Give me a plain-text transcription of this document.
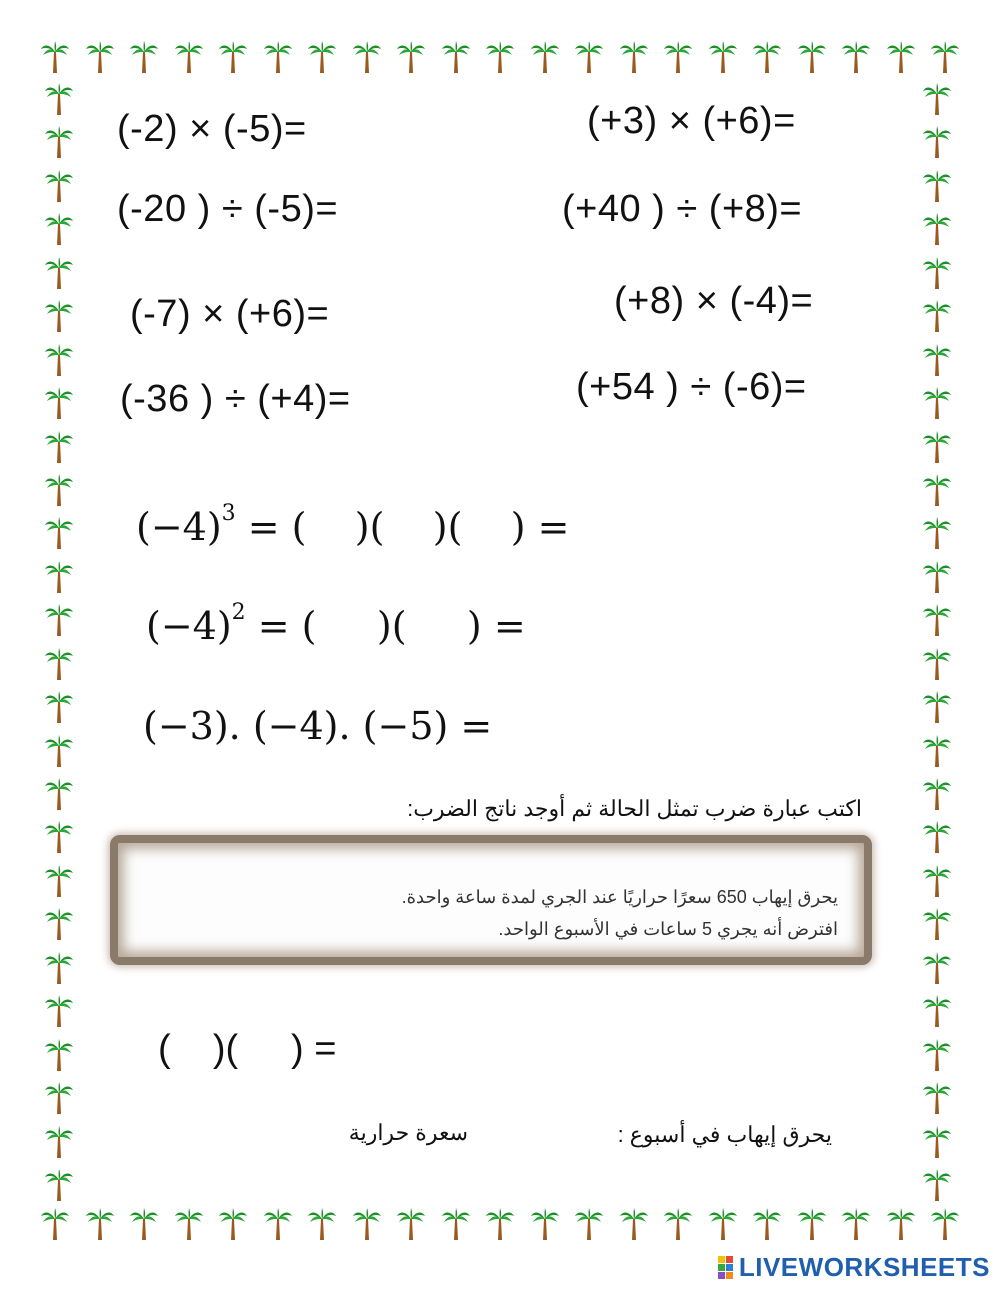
(-2) × (-5)=
(-20 ) ÷ (-5)=
(-7) × (+6)=
(-36 ) ÷ (+4)=
(+3) × (+6)=
(+40 ) ÷ (+8)=
(+8) × (-4)=
(+54 ) ÷ (-6)=
$(-4)^3$ = (    )(    )(    ) =
$(-4)^2$ = (     )(     ) =
(−3). (−4). (−5) =
اكتب عبارة ضرب تمثل الحالة ثم أوجد ناتج الضرب:
يحرق إيهاب 650 سعرًا حراريًا عند الجري لمدة ساعة واحدة.
افترض أنه يجري 5 ساعات في الأسبوع الواحد.
(    )(     ) =
يحرق إيهاب في أسبوع :
سعرة حرارية
LIVEWORKSHEETS
